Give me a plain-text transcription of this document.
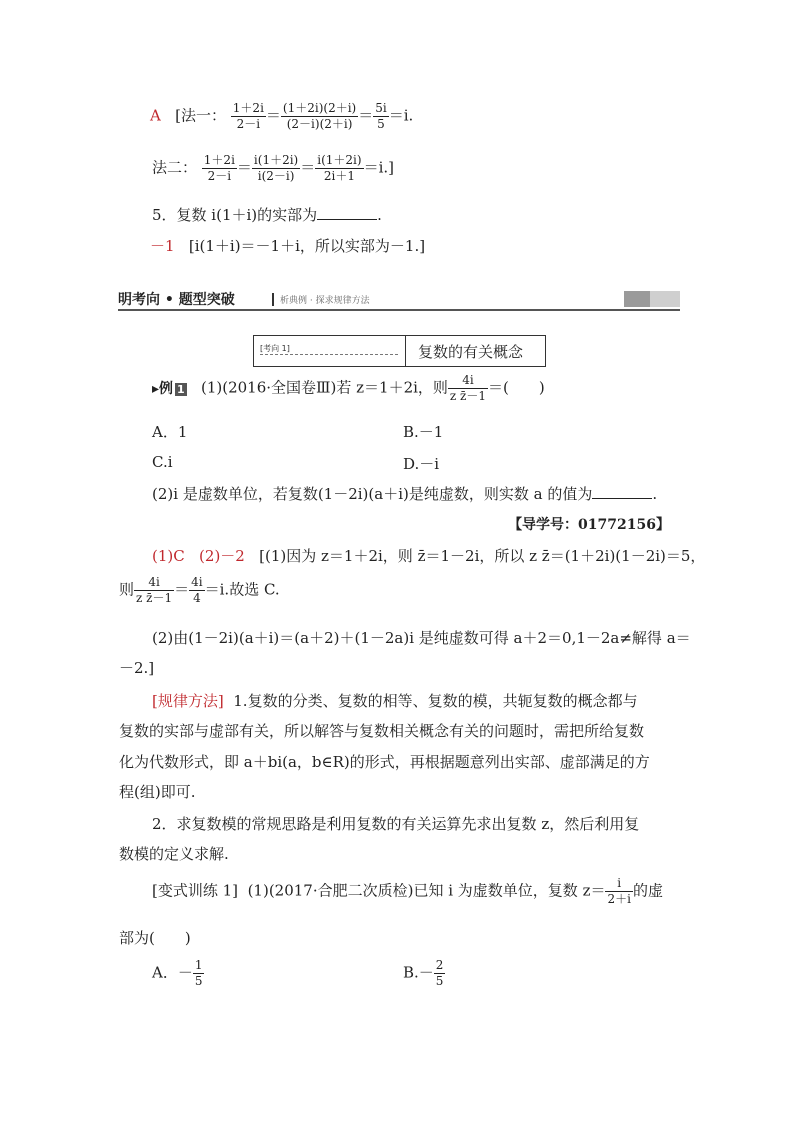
A [法一： $\frac{1+2i}{2-i} = \frac{(1+2i)(2+i)}{(2-i)(2+i)} = \frac{5i}{5} =i$.
法二： $\frac{1+2i}{2-i} = \frac{i(1+2i)}{i(2-i)} = \frac{i(1+2i)}{2i+1} =i$.]
5．复数 i(1＋i)的实部为	.
－1 [i(1＋i)＝－1＋i，所以实部为－1.]
明考向 • 题型突破	析典例 · 探求规律方法
[考向 1]	复数的有关概念
▸例 1 (1)(2016·全国卷Ⅲ)若 z＝1＋2i，则 $\frac{4i}{\text{z z̄－1}}$ ＝(　　)
A．1	B.－1
C.i	D.－i
(2)i 是虚数单位，若复数(1－2i)(a＋i)是纯虚数，则实数 a 的值为	.
【导学号：01772156】
(1)C (2)－2 [(1)因为 z＝1＋2i，则 z̄＝1－2i，所以 z z̄＝(1＋2i)(1－2i)＝5，
则 $\frac{4i}{\text{z z̄－1}} = \frac{4i}{4} =i$.故选 C.
(2)由(1－2i)(a＋i)＝(a＋2)＋(1－2a)i 是纯虚数可得 a＋2＝0,1－2a≠解得 a＝
－2.]
[规律方法] 1.复数的分类、复数的相等、复数的模，共轭复数的概念都与
复数的实部与虚部有关，所以解答与复数相关概念有关的问题时，需把所给复数
化为代数形式，即 a＋bi(a，b∈R)的形式，再根据题意列出实部、虚部满足的方
程(组)即可.
2．求复数模的常规思路是利用复数的有关运算先求出复数 z，然后利用复
数模的定义求解.
[变式训练 1] (1)(2017·合肥二次质检)已知 i 为虚数单位，复数 $z= \frac{i}{2+i}$ 的虚
部为(　　)
A．－ $\frac{1}{5}$	$B.- \frac{2}{5}$
